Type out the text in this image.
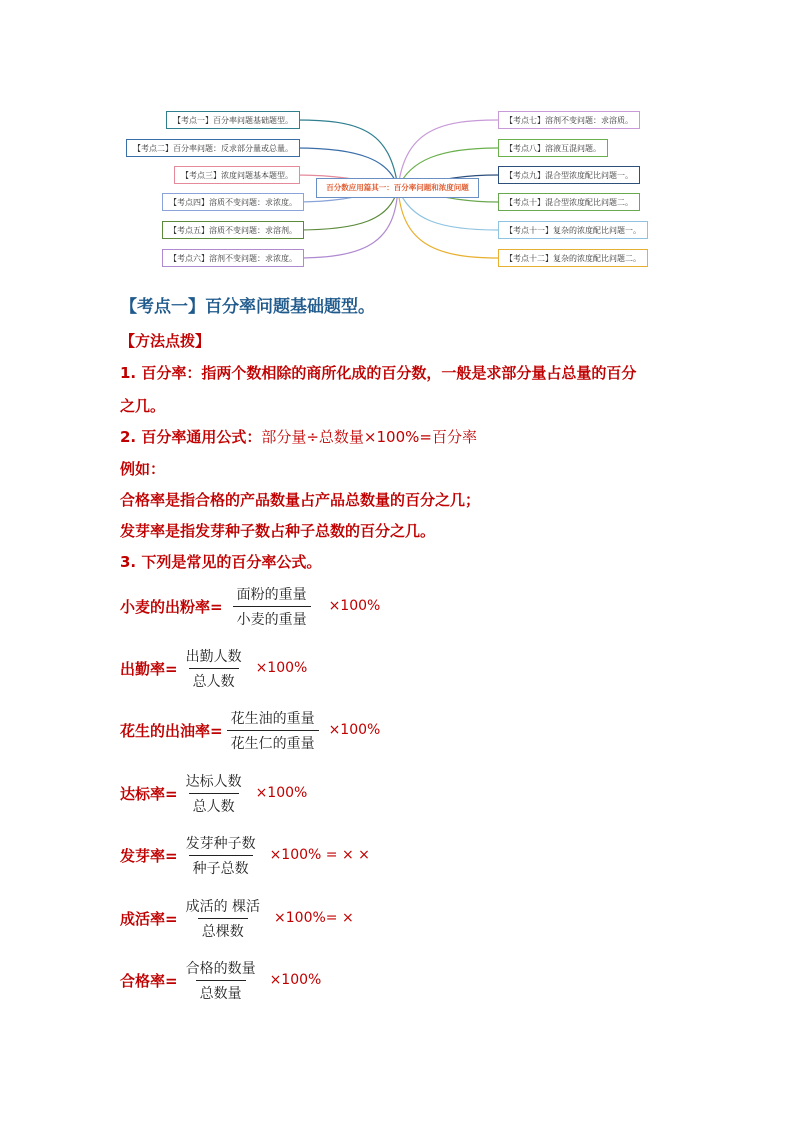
【考点一】百分率问题基础题型。
【考点二】百分率问题：反求部分量或总量。
【考点三】浓度问题基本题型。
【考点四】溶质不变问题：求浓度。
【考点五】溶质不变问题：求溶剂。
【考点六】溶剂不变问题：求浓度。
百分数应用篇其一：百分率问题和浓度问题
【考点七】溶剂不变问题：求溶质。
【考点八】溶液互混问题。
【考点九】混合型浓度配比问题一。
【考点十】混合型浓度配比问题二。
【考点十一】复杂的浓度配比问题一。
【考点十二】复杂的浓度配比问题二。
【考点一】百分率问题基础题型。
【方法点拨】
1. 百分率：指两个数相除的商所化成的百分数，一般是求部分量占总量的百分
之几。
2. 百分率通用公式：部分量÷总数量×100%=百分率
例如：
合格率是指合格的产品数量占产品总数量的百分之几；
发芽率是指发芽种子数占种子总数的百分之几。
3. 下列是常见的百分率公式。
小麦的出粉率= $\frac{\text{面粉的重量}}{\text{小麦的重量}} \times 100\%$
出勤率= $\frac{\text{出勤人数}}{\text{总人数}} \times 100\%$
花生的出油率= $\frac{\text{花生油的重量}}{\text{花生仁的重量}} \times 100\%$
达标率= $\frac{\text{达标人数}}{\text{总人数}} \times 100\%$
发芽率= $\frac{\text{发芽种子数}}{\text{种子总数}} \times 100\%$ = × ×
成活率= $\frac{\text{成活的 棵活}}{\text{总棵数}} \times 100\%=$ ×
合格率= $\frac{\text{合格的数量}}{\text{总数量}} \times 100\%$
